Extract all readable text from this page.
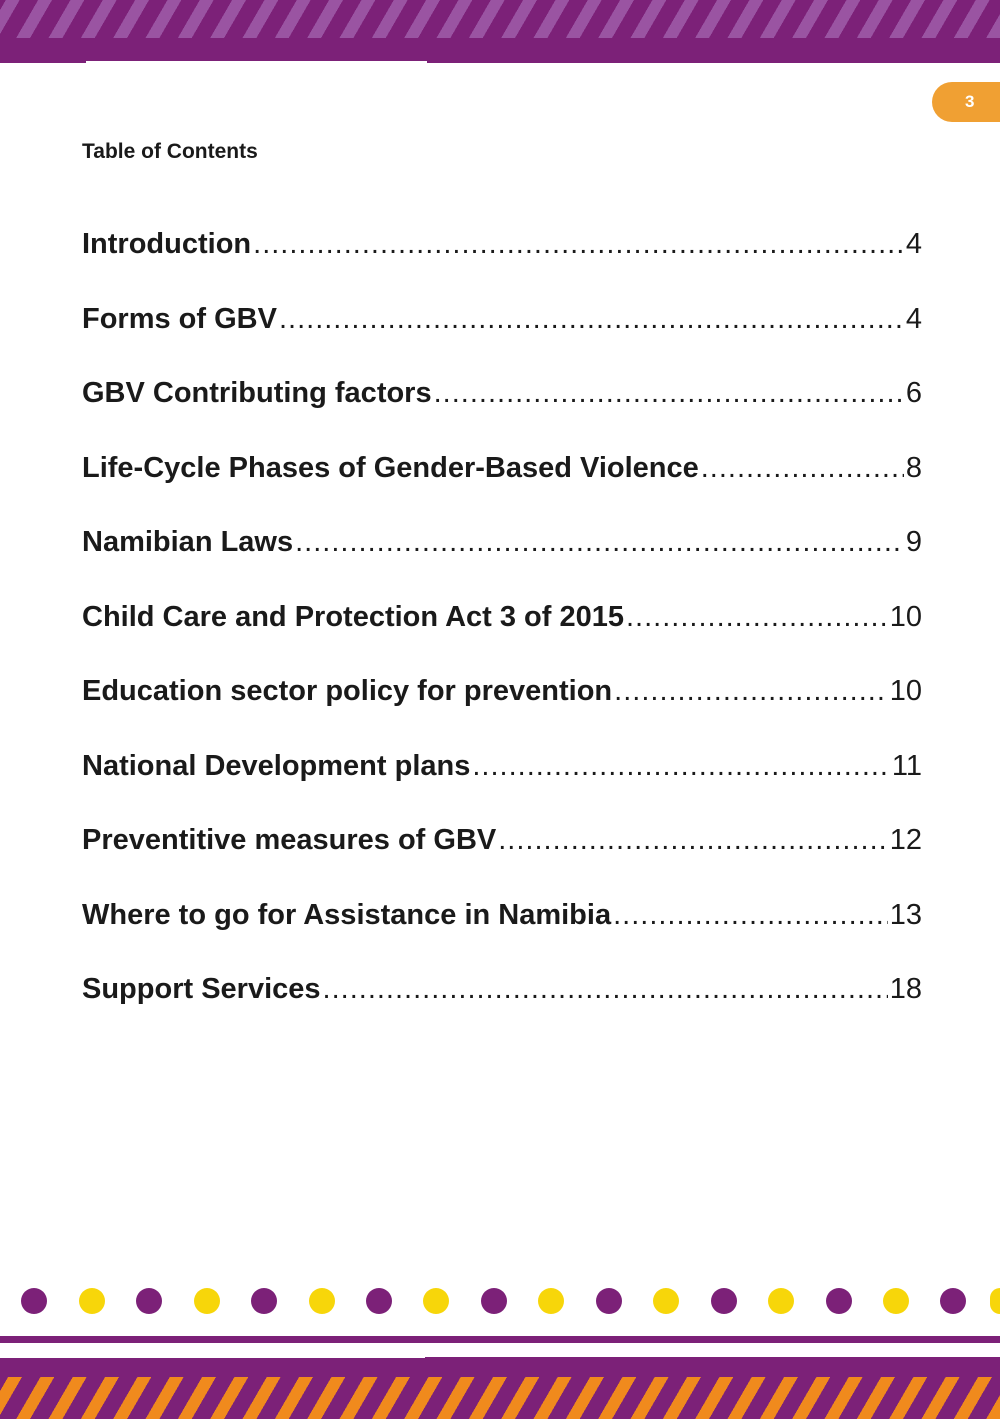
3
Table of Contents
Introduction .....	4
Forms of GBV .....	4
GBV Contributing factors .....	6
Life-Cycle Phases of Gender-Based Violence .....	8
Namibian Laws .....	9
Child Care and Protection Act 3 of 2015 .....	10
Education sector policy for prevention .....	10
National Development plans .....	11
Preventitive measures of GBV .....	12
Where to go for Assistance in Namibia .....	13
Support Services .....	18
